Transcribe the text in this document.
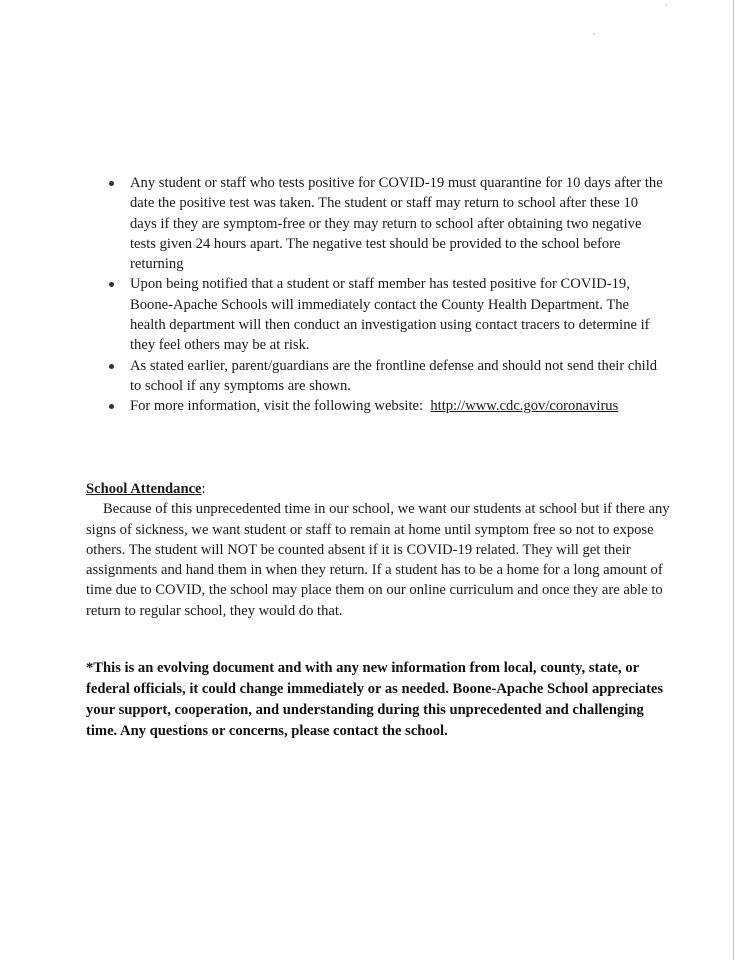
Any student or staff who tests positive for COVID-19 must quarantine for 10 days after the date the positive test was taken. The student or staff may return to school after these 10 days if they are symptom-free or they may return to school after obtaining two negative tests given 24 hours apart. The negative test should be provided to the school before returning
Upon being notified that a student or staff member has tested positive for COVID-19, Boone-Apache Schools will immediately contact the County Health Department. The health department will then conduct an investigation using contact tracers to determine if they feel others may be at risk.
As stated earlier, parent/guardians are the frontline defense and should not send their child to school if any symptoms are shown.
For more information, visit the following website: http://www.cdc.gov/coronavirus
School Attendance:

Because of this unprecedented time in our school, we want our students at school but if there any signs of sickness, we want student or staff to remain at home until symptom free so not to expose others. The student will NOT be counted absent if it is COVID-19 related. They will get their assignments and hand them in when they return. If a student has to be a home for a long amount of time due to COVID, the school may place them on our online curriculum and once they are able to return to regular school, they would do that.

*This is an evolving document and with any new information from local, county, state, or federal officials, it could change immediately or as needed. Boone-Apache School appreciates your support, cooperation, and understanding during this unprecedented and challenging time. Any questions or concerns, please contact the school.
